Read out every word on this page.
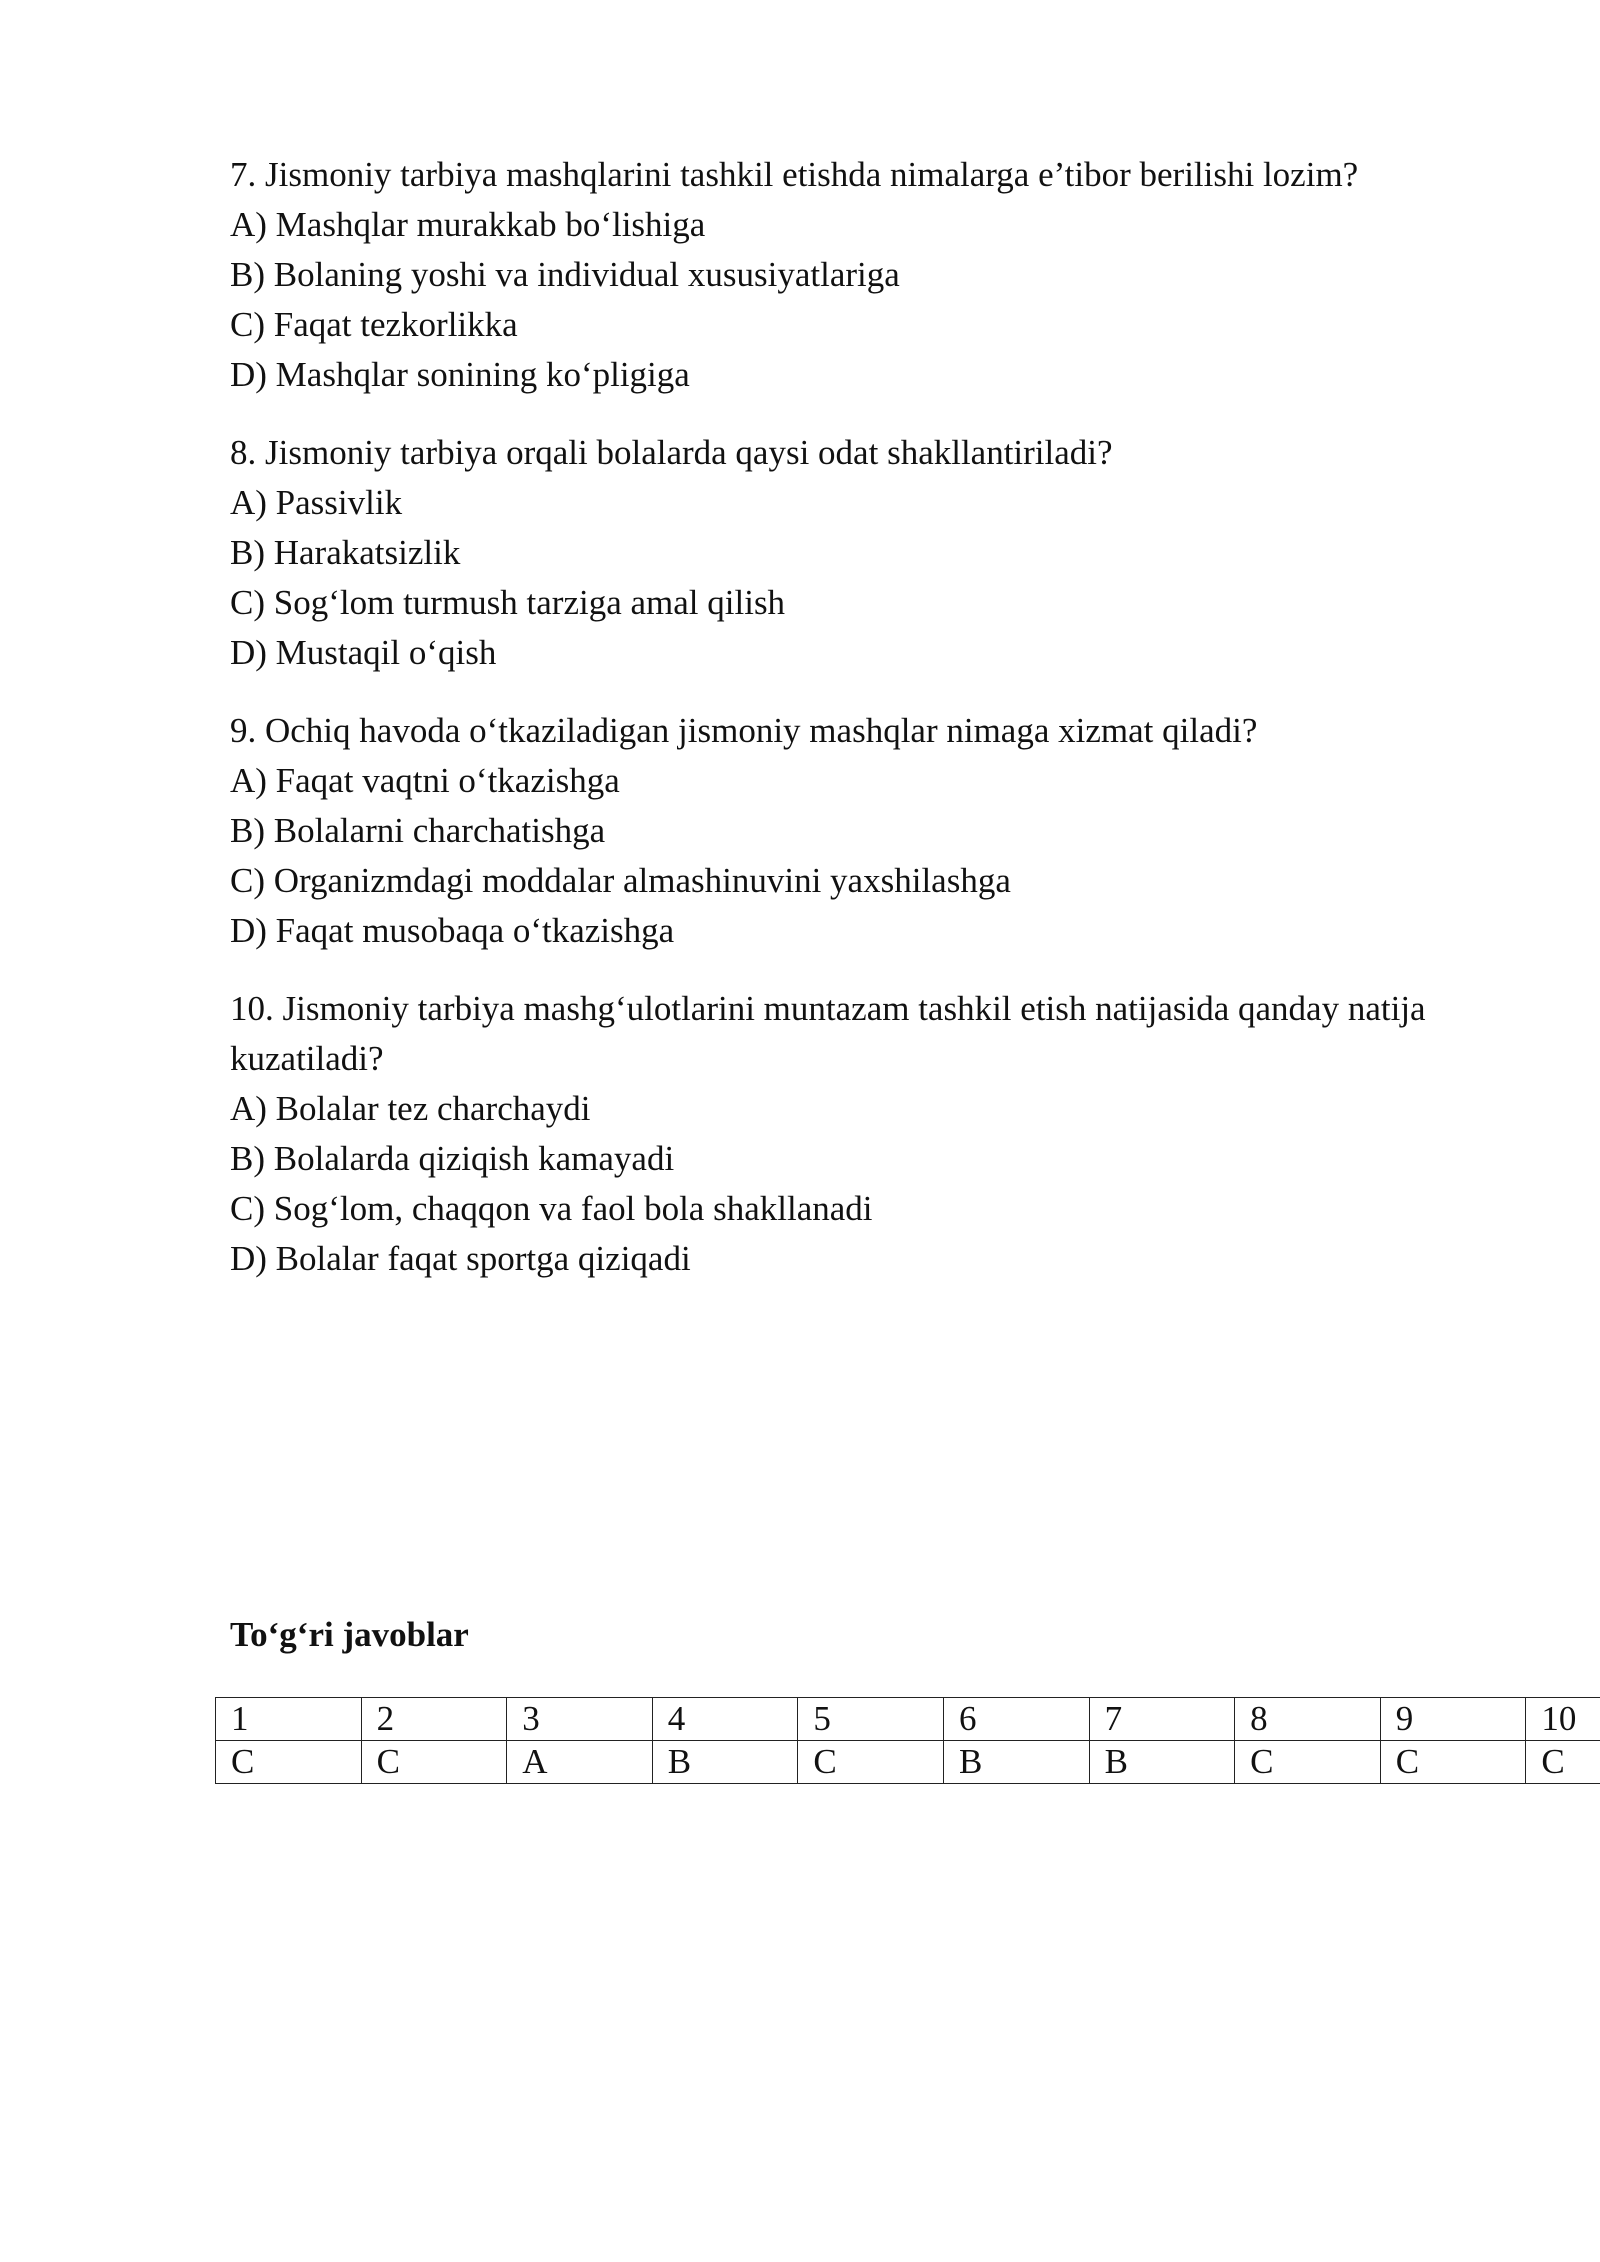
7. Jismoniy tarbiya mashqlarini tashkil etishda nimalarga e’tibor berilishi lozim?

A) Mashqlar murakkab bo‘lishiga

B) Bolaning yoshi va individual xususiyatlariga

C) Faqat tezkorlikka

D) Mashqlar sonining ko‘pligiga

8. Jismoniy tarbiya orqali bolalarda qaysi odat shakllantiriladi?

A) Passivlik

B) Harakatsizlik

C) Sog‘lom turmush tarziga amal qilish

D) Mustaqil o‘qish

9. Ochiq havoda o‘tkaziladigan jismoniy mashqlar nimaga xizmat qiladi?

A) Faqat vaqtni o‘tkazishga

B) Bolalarni charchatishga

C) Organizmdagi moddalar almashinuvini yaxshilashga

D) Faqat musobaqa o‘tkazishga

10. Jismoniy tarbiya mashg‘ulotlarini muntazam tashkil etish natijasida qanday natija kuzatiladi?

A) Bolalar tez charchaydi

B) Bolalarda qiziqish kamayadi

C) Sog‘lom, chaqqon va faol bola shakllanadi

D) Bolalar faqat sportga qiziqadi

To‘g‘ri javoblar

1	2	3	4	5	6	7	8	9	10
C	C	A	B	C	B	B	C	C	C
